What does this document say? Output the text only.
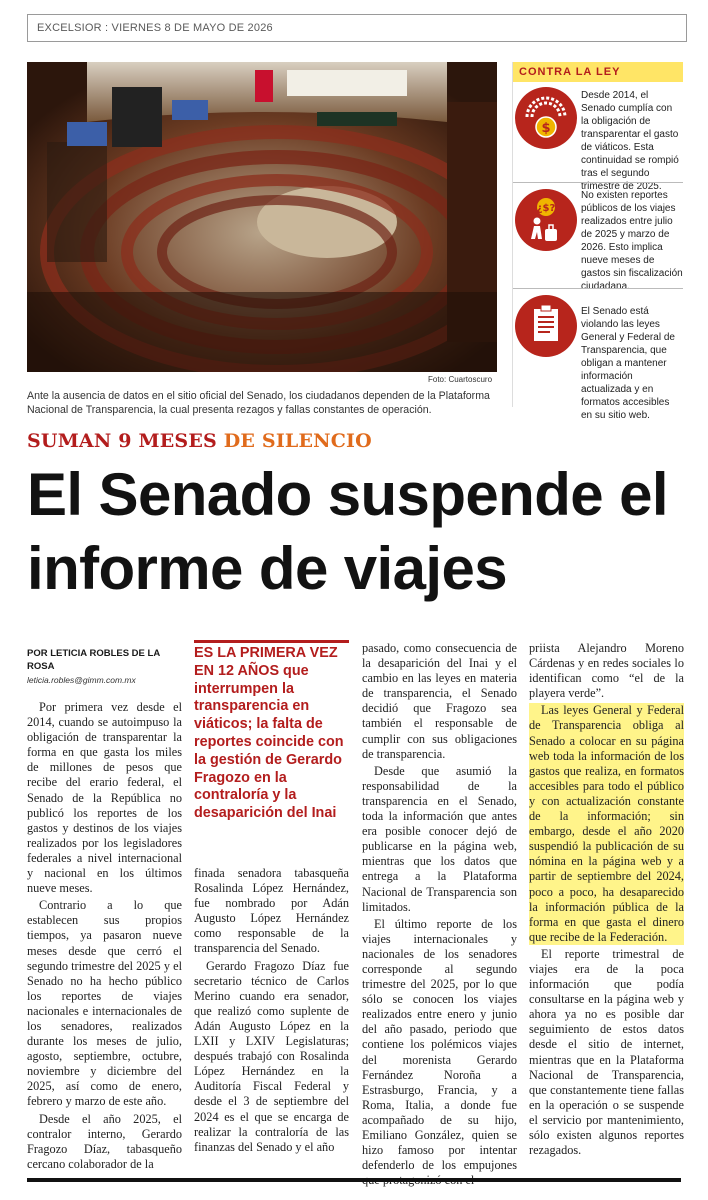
EXCELSIOR : VIERNES 8 DE MAYO DE 2026
Foto: Cuartoscuro
Ante la ausencia de datos en el sitio oficial del Senado, los ciudadanos dependen de la Plataforma Nacional de Transparencia, la cual presenta rezagos y fallas constantes de operación.
CONTRA LA LEY
$
Desde 2014, el Senado cumplía con la obligación de transparentar el gasto de viáticos. Esta continuidad se rompió tras el segundo trimestre de 2025.
¿$?
No existen reportes públicos de los viajes realizados entre julio de 2025 y marzo de 2026. Esto implica nueve meses de gastos sin fiscalización ciudadana.
El Senado está violando las leyes General y Federal de Transparencia, que obligan a mantener información actualizada y en formatos accesibles en su sitio web.
SUMAN 9 MESES DE SILENCIO
El Senado suspende el informe de viajes
POR LETICIA ROBLES DE LA ROSA
leticia.robles@gimm.com.mx

Por primera vez desde el 2014, cuando se autoimpuso la obligación de transparentar la forma en que gasta los miles de millones de pesos que recibe del erario federal, el Senado de la República no publicó los reportes de los gastos y destinos de los viajes realizados por los legisladores federales a nivel internacional y nacional en los últimos nueve meses.

Contrario a lo que establecen sus propios tiempos, ya pasaron nueve meses desde que cerró el segundo trimestre del 2025 y el Senado no ha hecho público los reportes de viajes nacionales e internacionales de los senadores, realizados durante los meses de julio, agosto, septiembre, octubre, noviembre y diciembre del 2025, así como de enero, febrero y marzo de este año.

Desde el año 2025, el contralor interno, Gerardo Fragozo Díaz, tabasqueño cercano colaborador de la

ES LA PRIMERA VEZ EN 12 AÑOS que interrumpen la transparencia en viáticos; la falta de reportes coincide con la gestión de Gerardo Fragozo en la contraloría y la desaparición del Inai

finada senadora tabasqueña Rosalinda López Hernández, fue nombrado por Adán Augusto López Hernández como responsable de la transparencia del Senado.

Gerardo Fragozo Díaz fue secretario técnico de Carlos Merino cuando era senador, que realizó como suplente de Adán Augusto López en la LXII y LXIV Legislaturas; después trabajó con Rosalinda López Hernández en la Auditoría Fiscal Federal y desde el 3 de septiembre del 2024 es el que se encarga de realizar la contraloría de las finanzas del Senado y el año

pasado, como consecuencia de la desaparición del Inai y el cambio en las leyes en materia de transparencia, el Senado decidió que Fragozo sea también el responsable de cumplir con sus obligaciones de transparencia.

Desde que asumió la responsabilidad de la transparencia en el Senado, toda la información que antes era posible conocer dejó de publicarse en la página web, mientras que los datos que entrega a la Plataforma Nacional de Transparencia son limitados.

El último reporte de los viajes internacionales y nacionales de los senadores corresponde al segundo trimestre del 2025, por lo que sólo se conocen los viajes realizados entre enero y junio del año pasado, periodo que contiene los polémicos viajes del morenista Gerardo Fernández Noroña a Estrasburgo, Francia, y a Roma, Italia, a donde fue acompañado de su hijo, Emiliano González, quien se hizo famoso por intentar defenderlo de los empujones que protagonizó con el

priista Alejandro Moreno Cárdenas y en redes sociales lo identifican como “el de la playera verde”.

Las leyes General y Federal de Transparencia obliga al Senado a colocar en su página web toda la información de los gastos que realiza, en formatos accesibles para todo el público y con actualización constante de la información; sin embargo, desde el año 2020 suspendió la publicación de su nómina en la página web y a partir de septiembre del 2024, poco a poco, ha desaparecido la información pública de la forma en que gasta el dinero que recibe de la Federación.

El reporte trimestral de viajes era de la poca información que podía consultarse en la página web y ahora ya no es posible dar seguimiento de estos datos desde el sitio de internet, mientras que en la Plataforma Nacional de Transparencia, que constantemente tiene fallas en la operación o se suspende el servicio por mantenimiento, sólo existen algunos reportes rezagados.
